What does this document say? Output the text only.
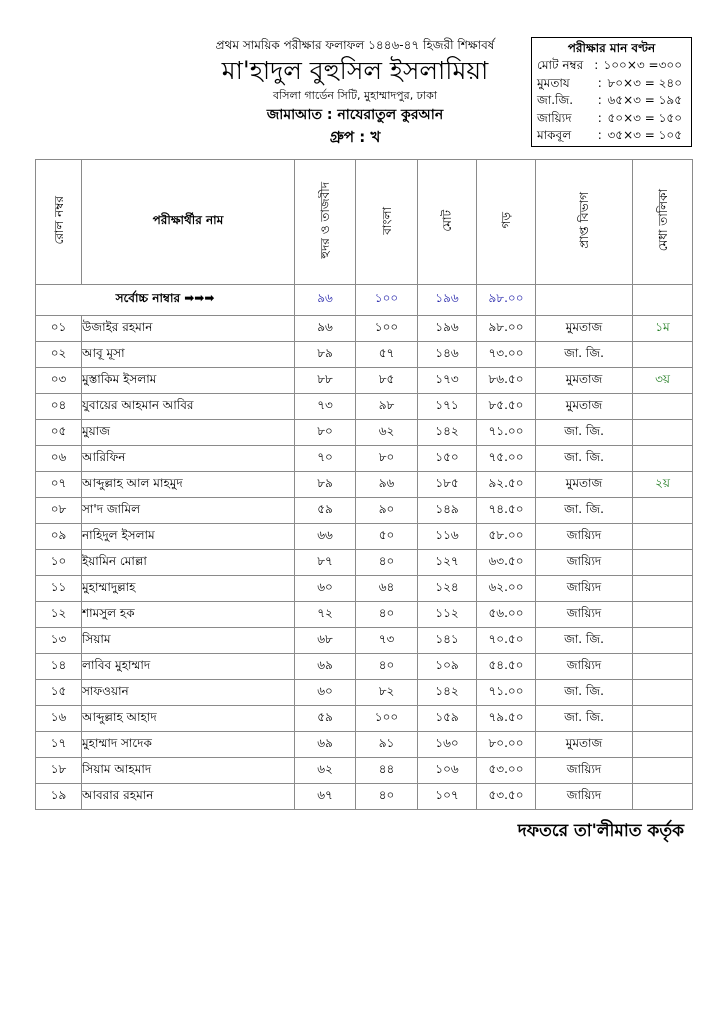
প্রথম সাময়িক পরীক্ষার ফলাফল ১৪৪৬-৪৭ হিজরী শিক্ষাবর্ষ
মা'হাদুল বুহুসিল ইসলামিয়া
বসিলা গার্ডেন সিটি, মুহাম্মাদপুর, ঢাকা
জামাআত : নাযেরাতুল কুরআন
গ্রুপ : খ
পরীক্ষার মান বণ্টন
মোট নম্বর : ১০০×৩ =৩০০
মুমতায	: ৮০×৩ = ২৪০
জা.জি.	: ৬৫×৩ = ১৯৫
জায়্যিদ	: ৫০×৩ = ১৫০
মাকবূল	: ৩৫×৩ = ১০৫
রোল নম্বর	পরীক্ষার্থীর নাম	হুদর ও তাজবীদ	বাংলা	মোট	গড়	প্রাপ্ত বিভাগ	মেধা তালিকা
সর্বোচ্চ নাম্বার ➡➡➡		৯৬	১০০	১৯৬	৯৮.০০		
০১	উজাইর রহমান	৯৬	১০০	১৯৬	৯৮.০০	মুমতাজ	১ম
০২	আবূ মূসা	৮৯	৫৭	১৪৬	৭৩.০০	জা. জি.	
০৩	মুস্তাকিম ইসলাম	৮৮	৮৫	১৭৩	৮৬.৫০	মুমতাজ	৩য়
০৪	যুবায়ের আহমান আবির	৭৩	৯৮	১৭১	৮৫.৫০	মুমতাজ	
০৫	মুয়াজ	৮০	৬২	১৪২	৭১.০০	জা. জি.	
০৬	আরিফিন	৭০	৮০	১৫০	৭৫.০০	জা. জি.	
০৭	আব্দুল্লাহ আল মাহমুদ	৮৯	৯৬	১৮৫	৯২.৫০	মুমতাজ	২য়
০৮	সা'দ জামিল	৫৯	৯০	১৪৯	৭৪.৫০	জা. জি.	
০৯	নাহিদুল ইসলাম	৬৬	৫০	১১৬	৫৮.০০	জায়্যিদ	
১০	ইয়ামিন মোল্লা	৮৭	৪০	১২৭	৬৩.৫০	জায়্যিদ	
১১	মুহাম্মাদুল্লাহ	৬০	৬৪	১২৪	৬২.০০	জায়্যিদ	
১২	শামসুল হক	৭২	৪০	১১২	৫৬.০০	জায়্যিদ	
১৩	সিয়াম	৬৮	৭৩	১৪১	৭০.৫০	জা. জি.	
১৪	লাবিব মুহাম্মাদ	৬৯	৪০	১০৯	৫৪.৫০	জায়্যিদ	
১৫	সাফওয়ান	৬০	৮২	১৪২	৭১.০০	জা. জি.	
১৬	আব্দুল্লাহ আহাদ	৫৯	১০০	১৫৯	৭৯.৫০	জা. জি.	
১৭	মুহাম্মাদ সাদেক	৬৯	৯১	১৬০	৮০.০০	মুমতাজ	
১৮	সিয়াম আহমাদ	৬২	৪৪	১০৬	৫৩.০০	জায়্যিদ	
১৯	আবরার রহমান	৬৭	৪০	১০৭	৫৩.৫০	জায়্যিদ	
দফতরে তা'লীমাত কর্তৃক
